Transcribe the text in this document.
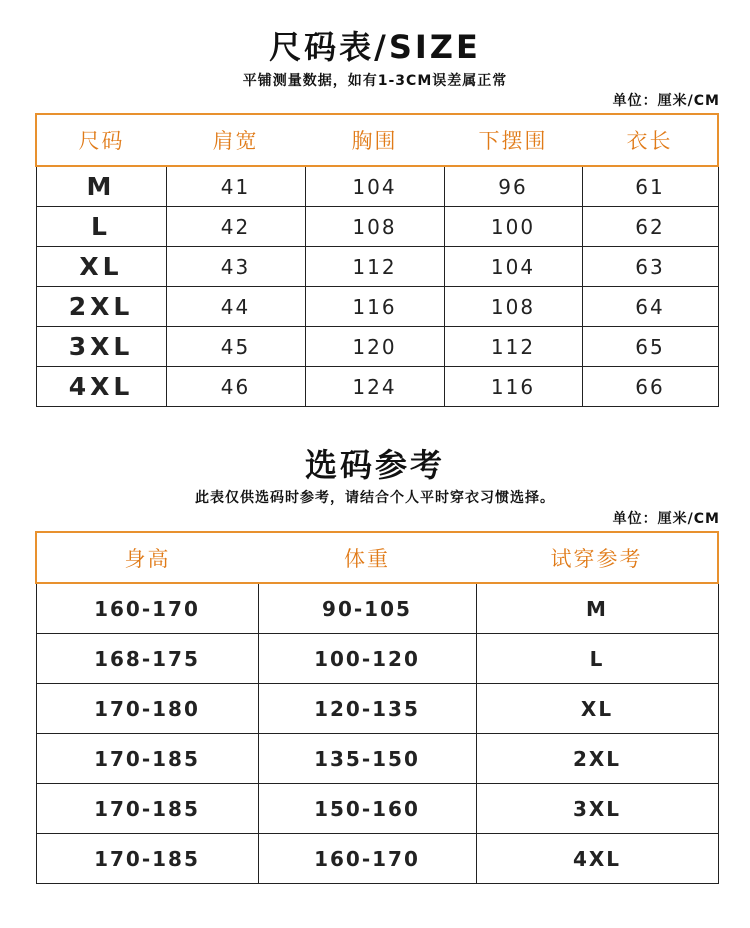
尺码表/SIZE
平铺测量数据，如有1-3CM误差属正常
单位：厘米/CM
尺码	肩宽	胸围	下摆围	衣长
M	41	104	96	61
L	42	108	100	62
XL	43	112	104	63
2XL	44	116	108	64
3XL	45	120	112	65
4XL	46	124	116	66
选码参考
此表仅供选码时参考，请结合个人平时穿衣习惯选择。
单位：厘米/CM
身高	体重	试穿参考
160-170	90-105	M
168-175	100-120	L
170-180	120-135	XL
170-185	135-150	2XL
170-185	150-160	3XL
170-185	160-170	4XL
